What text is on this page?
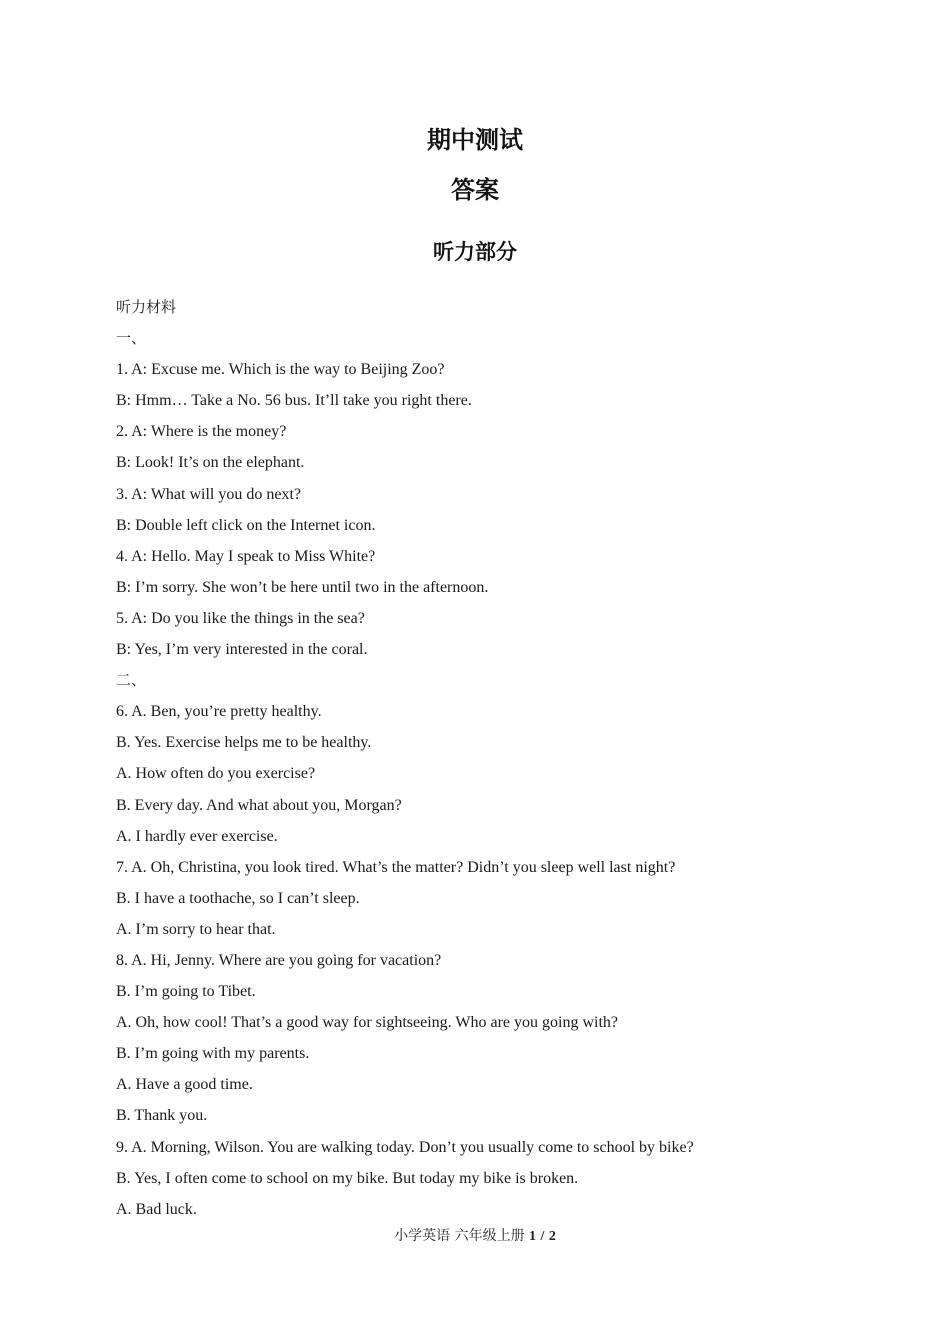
期中测试
答案
听力部分
听力材料
一、
1. A: Excuse me. Which is the way to Beijing Zoo?
B: Hmm… Take a No. 56 bus. It’ll take you right there.
2. A: Where is the money?
B: Look! It’s on the elephant.
3. A: What will you do next?
B: Double left click on the Internet icon.
4. A: Hello. May I speak to Miss White?
B: I’m sorry. She won’t be here until two in the afternoon.
5. A: Do you like the things in the sea?
B: Yes, I’m very interested in the coral.
二、
6. A. Ben, you’re pretty healthy.
B. Yes. Exercise helps me to be healthy.
A. How often do you exercise?
B. Every day. And what about you, Morgan?
A. I hardly ever exercise.
7. A. Oh, Christina, you look tired. What’s the matter? Didn’t you sleep well last night?
B. I have a toothache, so I can’t sleep.
A. I’m sorry to hear that.
8. A. Hi, Jenny. Where are you going for vacation?
B. I’m going to Tibet.
A. Oh, how cool! That’s a good way for sightseeing. Who are you going with?
B. I’m going with my parents.
A. Have a good time.
B. Thank you.
9. A. Morning, Wilson. You are walking today. Don’t you usually come to school by bike?
B. Yes, I often come to school on my bike. But today my bike is broken.
A. Bad luck.
小学英语 六年级上册 1 / 2
